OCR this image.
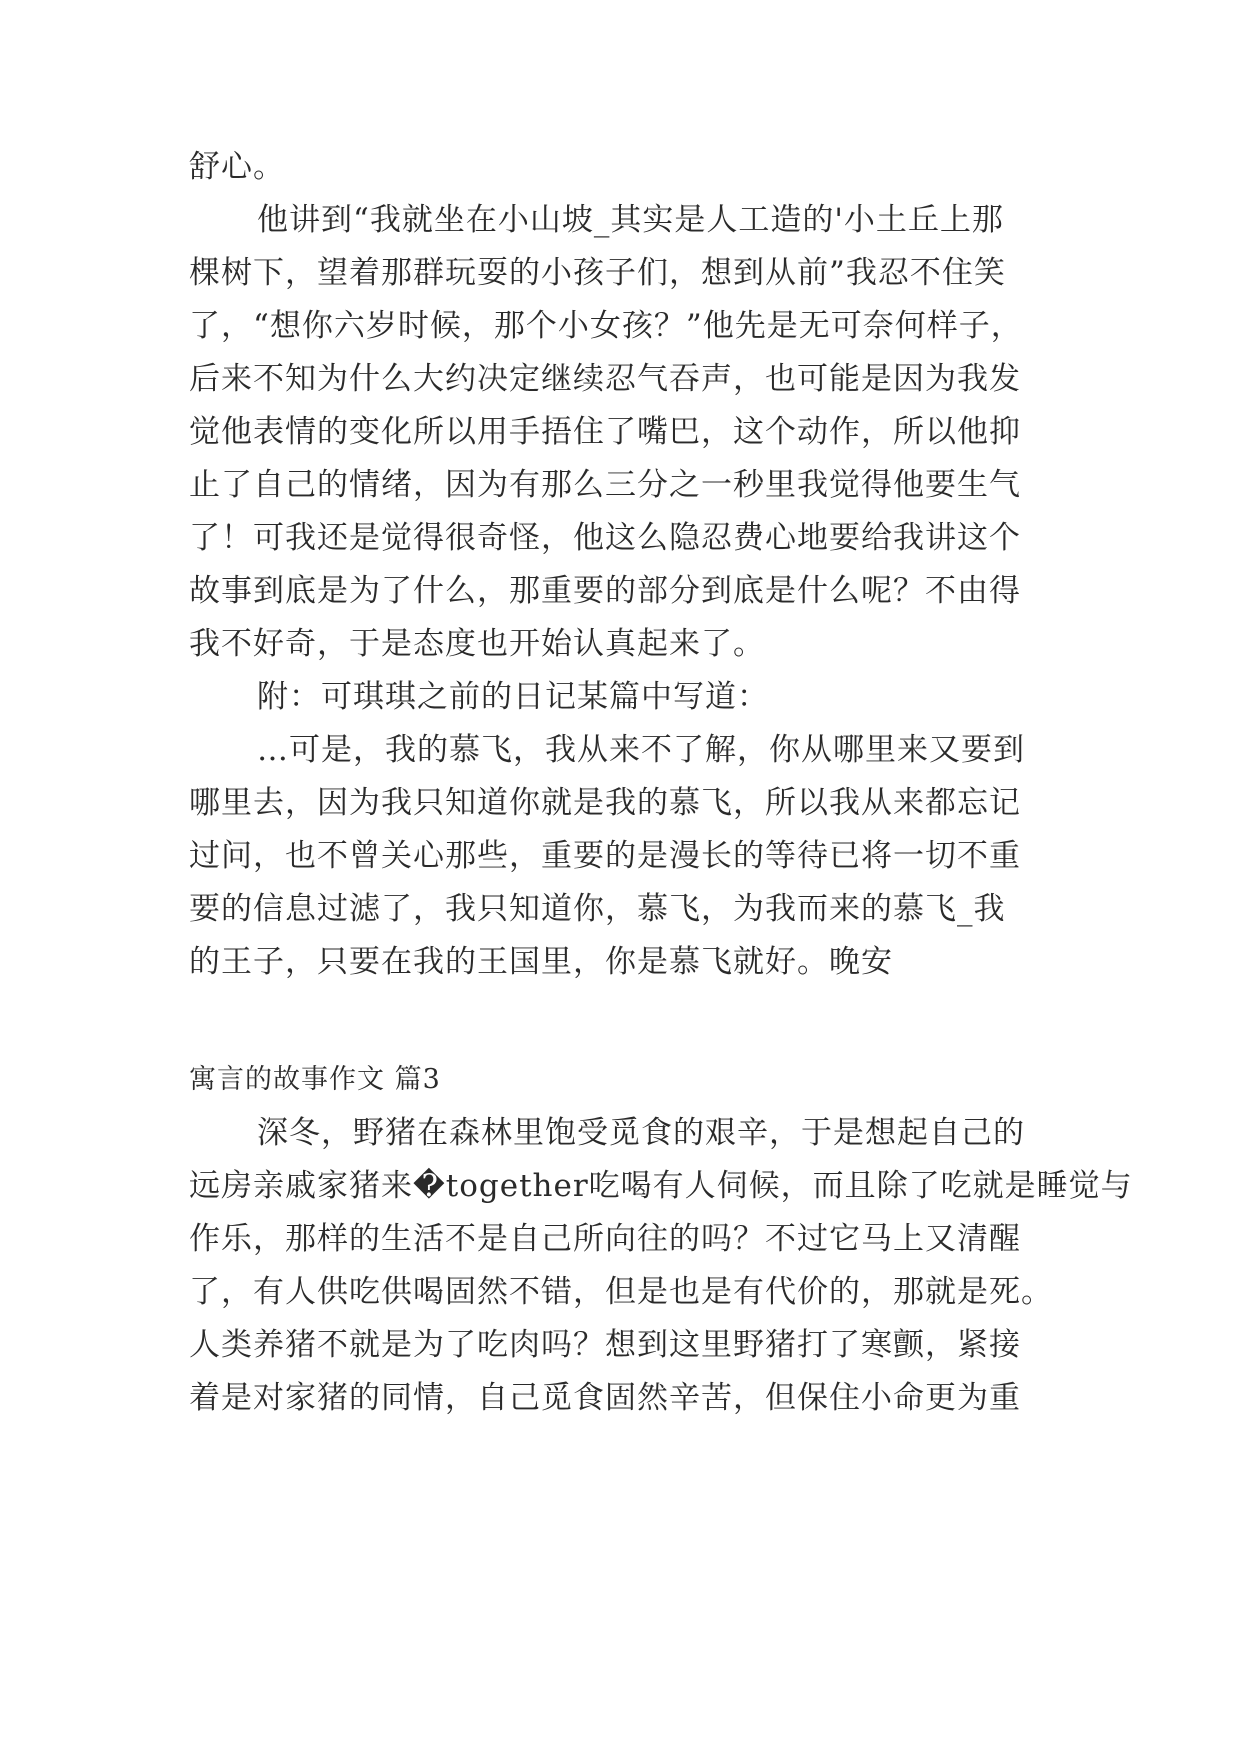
舒心。
他讲到“我就坐在小山坡_其实是人工造的'小土丘上那
棵树下，望着那群玩耍的小孩子们，想到从前”我忍不住笑
了，“想你六岁时候，那个小女孩？”他先是无可奈何样子，
后来不知为什么大约决定继续忍气吞声，也可能是因为我发
觉他表情的变化所以用手捂住了嘴巴，这个动作，所以他抑
止了自己的情绪，因为有那么三分之一秒里我觉得他要生气
了！可我还是觉得很奇怪，他这么隐忍费心地要给我讲这个
故事到底是为了什么，那重要的部分到底是什么呢？不由得
我不好奇，于是态度也开始认真起来了。
附：可琪琪之前的日记某篇中写道：
…可是，我的慕飞，我从来不了解，你从哪里来又要到
哪里去，因为我只知道你就是我的慕飞，所以我从来都忘记
过问，也不曾关心那些，重要的是漫长的等待已将一切不重
要的信息过滤了，我只知道你，慕飞，为我而来的慕飞_我
的王子，只要在我的王国里，你是慕飞就好。晚安
寓言的故事作文 篇3
深冬，野猪在森林里饱受觅食的艰辛，于是想起自己的
远房亲戚家猪来�together吃喝有人伺候，而且除了吃就是睡觉与
作乐，那样的生活不是自己所向往的吗？不过它马上又清醒
了，有人供吃供喝固然不错，但是也是有代价的，那就是死。
人类养猪不就是为了吃肉吗？想到这里野猪打了寒颤，紧接
着是对家猪的同情，自己觅食固然辛苦，但保住小命更为重
